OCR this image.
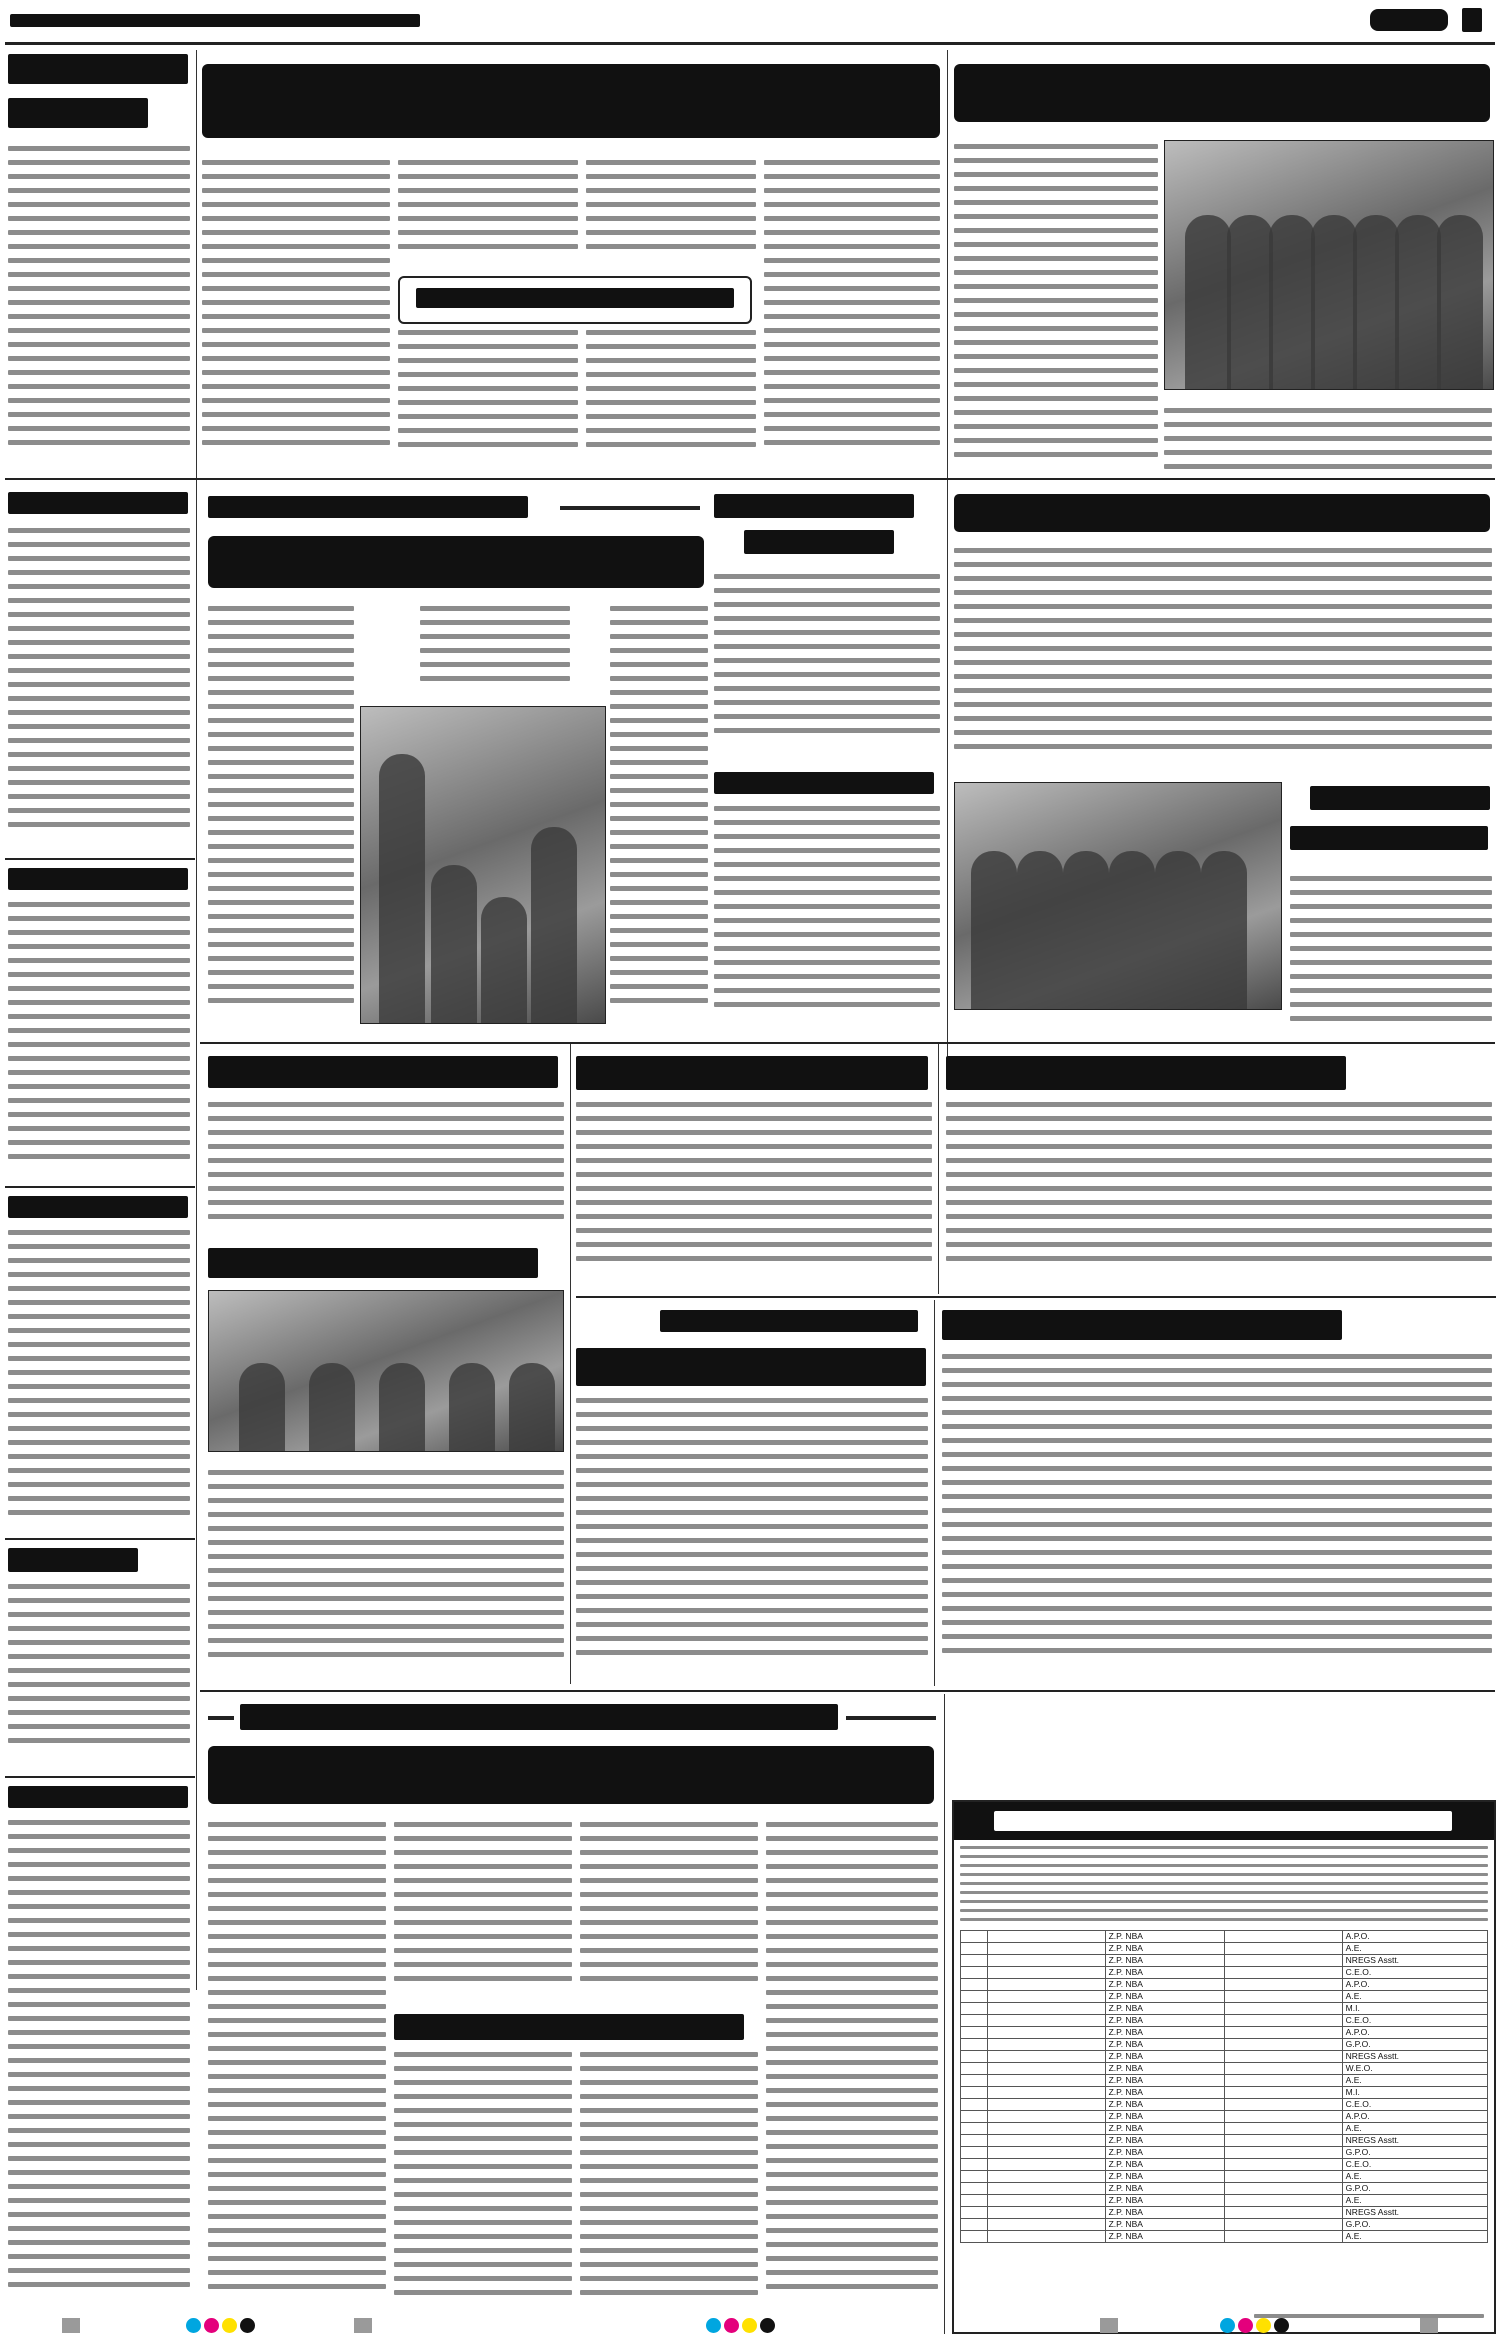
		Z.P. NBA		A.P.O.
		Z.P. NBA		A.E.
		Z.P. NBA		NREGS Asstt.
		Z.P. NBA		C.E.O.
		Z.P. NBA		A.P.O.
		Z.P. NBA		A.E.
		Z.P. NBA		M.I.
		Z.P. NBA		C.E.O.
		Z.P. NBA		A.P.O.
		Z.P. NBA		G.P.O.
		Z.P. NBA		NREGS Asstt.
		Z.P. NBA		W.E.O.
		Z.P. NBA		A.E.
		Z.P. NBA		M.I.
		Z.P. NBA		C.E.O.
		Z.P. NBA		A.P.O.
		Z.P. NBA		A.E.
		Z.P. NBA		NREGS Asstt.
		Z.P. NBA		G.P.O.
		Z.P. NBA		C.E.O.
		Z.P. NBA		A.E.
		Z.P. NBA		G.P.O.
		Z.P. NBA		A.E.
		Z.P. NBA		NREGS Asstt.
		Z.P. NBA		G.P.O.
		Z.P. NBA		A.E.
